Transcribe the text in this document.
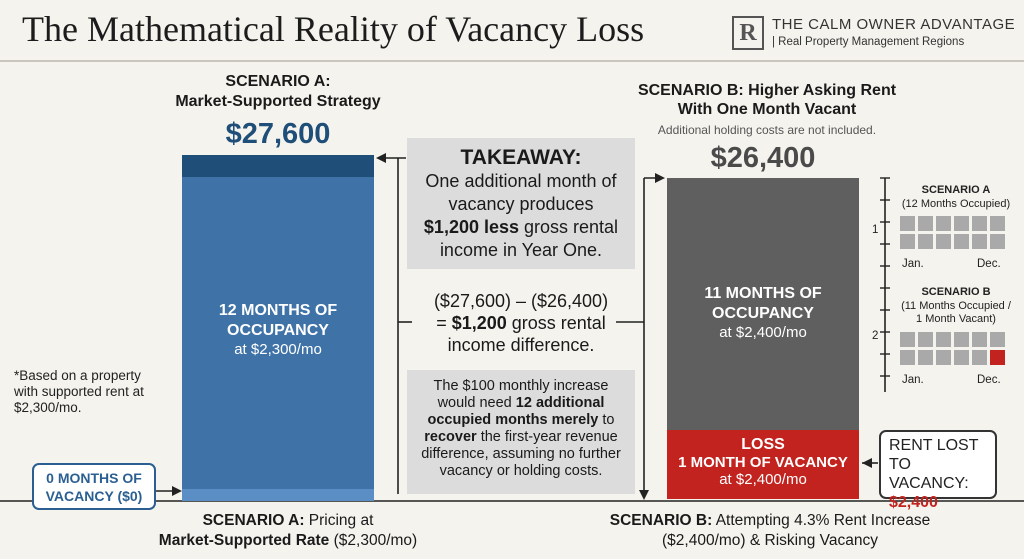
The Mathematical Reality of Vacancy Loss	R	THE CALM OWNER ADVANTAGE
| Real Property Management Regions
SCENARIO A:
Market-Supported Strategy
$27,600
12 MONTHS OF
OCCUPANCY
at $2,300/mo
*Based on a property with supported rent at $2,300/mo.
0 MONTHS OF
VACANCY ($0)
TAKEAWAY:
One additional month of
vacancy produces
$1,200 less gross rental
income in Year One.
($27,600) – ($26,400)
= $1,200 gross rental
income difference.
The $100 monthly increase would need 12 additional occupied months merely to recover the first-year revenue difference, assuming no further vacancy or holding costs.
SCENARIO B: Higher Asking Rent
With One Month Vacant
Additional holding costs are not included.
$26,400
11 MONTHS OF
OCCUPANCY
at $2,400/mo
LOSS
1 MONTH OF VACANCY
at $2,400/mo
RENT LOST
TO VACANCY:
$2,400
1
SCENARIO A
(12 Months Occupied)
Jan.	Dec.
2
SCENARIO B
(11 Months Occupied /
1 Month Vacant)
Jan.	Dec.
SCENARIO A: Pricing at
Market-Supported Rate ($2,300/mo)
SCENARIO B: Attempting 4.3% Rent Increase
($2,400/mo) & Risking Vacancy
